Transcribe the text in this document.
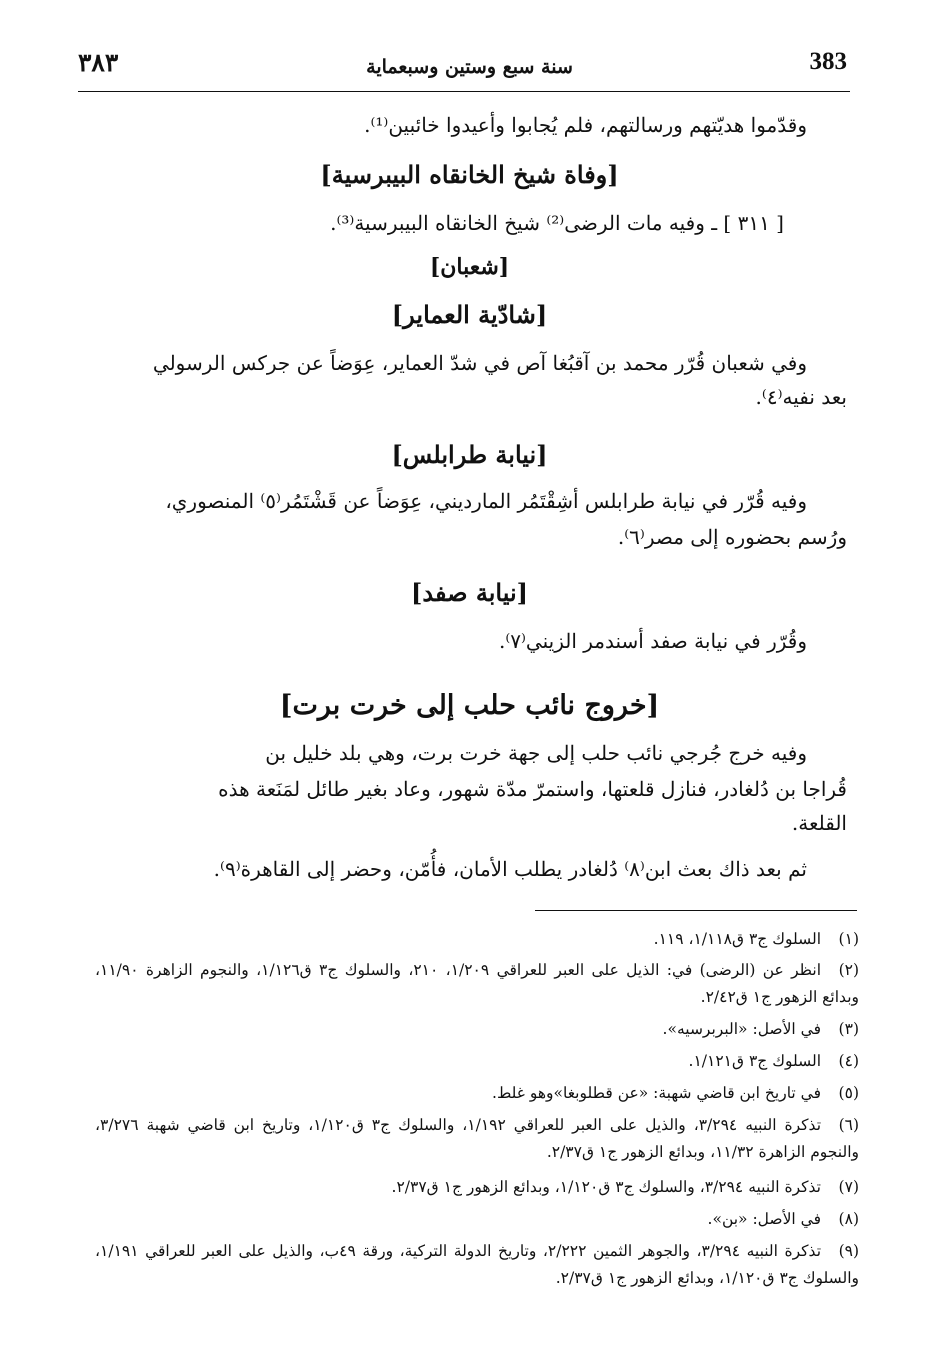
٣٨٣	سنة سبع وستين وسبعماية	383
وقدّموا هديّتهم ورسالتهم، فلم يُجابوا وأعيدوا خائبين⁽¹⁾.
[وفاة شيخ الخانقاه البيبرسية]
[ ٣١١ ] ـ وفيه مات الرضى⁽²⁾ شيخ الخانقاه البيبرسية⁽³⁾.
[شعبان]
[شادّية العماير]
وفي شعبان قُرّر محمد بن آقبُغا آص في شدّ العماير، عِوَضاً عن جركس الرسولي
بعد نفيه⁽٤⁾.
[نيابة طرابلس]
وفيه قُرّر في نيابة طرابلس أشِقْتَمُر المارديني، عِوَضاً عن قَشْتَمُر⁽٥⁾ المنصوري،
ورُسم بحضوره إلى مصر⁽٦⁾.
[نيابة صفد]
وقُرّر في نيابة صفد أسندمر الزيني⁽٧⁾.
[خروج نائب حلب إلى خرت برت]
وفيه خرج جُرجي نائب حلب إلى جهة خرت برت، وهي بلد خليل بن
قُراجا بن دُلغادر، فنازل قلعتها، واستمرّ مدّة شهور، وعاد بغير طائل لمَنَعة هذه
القلعة.
ثم بعد ذاك بعث ابن⁽٨⁾ دُلغادر يطلب الأمان، فأُمّن، وحضر إلى القاهرة⁽٩⁾.
(١)السلوك ج٣ ق١/١١٨، ١١٩.
(٢)انظر عن (الرضى) في: الذيل على العبر للعراقي ١/٢٠٩، ٢١٠، والسلوك ج٣ ق١/١٢٦، والنجوم الزاهرة ١١/٩٠، وبدائع الزهور ج١ ق٢/٤٢.
(٣)في الأصل: «البربرسيه».
(٤)السلوك ج٣ ق١/١٢١.
(٥)في تاريخ ابن قاضي شهبة: «عن قطلوبغا»وهو غلط.
(٦)تذكرة النبيه ٣/٢٩٤، والذيل على العبر للعراقي ١/١٩٢، والسلوك ج٣ ق١/١٢٠، وتاريخ ابن قاضي شهبة ٣/٢٧٦، والنجوم الزاهرة ١١/٣٢، وبدائع الزهور ج١ ق٢/٣٧.
(٧)تذكرة النبيه ٣/٢٩٤، والسلوك ج٣ ق١/١٢٠، وبدائع الزهور ج١ ق٢/٣٧.
(٨)في الأصل: «بن».
(٩)تذكرة النبيه ٣/٢٩٤، والجوهر الثمين ٢/٢٢٢، وتاريخ الدولة التركية، ورقة ٤٩ب، والذيل على العبر للعراقي ١/١٩١، والسلوك ج٣ ق١/١٢٠، وبدائع الزهور ج١ ق٢/٣٧.
